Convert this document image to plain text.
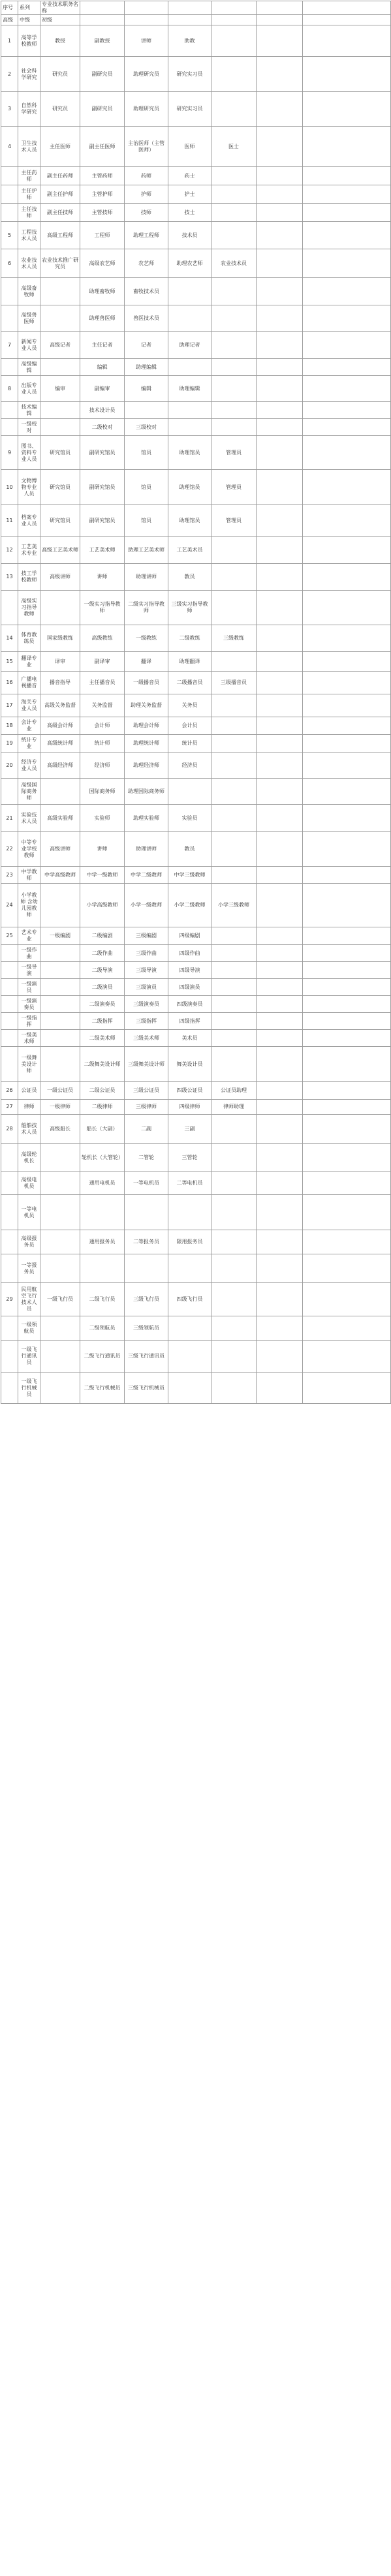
序号	系列	专业技术职务名称						
高级	中级	初级						
1	高等学校教师	教授	副教授	讲师	助教			
2	社会科学研究	研究员	副研究员	助理研究员	研究实习员			
3	自然科学研究	研究员	副研究员	助理研究员	研究实习员			
4	卫生技术人员	主任医师	副主任医师	主治医师（主管医师）	医师	医士		
	主任药师	副主任药师	主管药师	药师	药士			
	主任护师	副主任护师	主管护师	护师	护士			
	主任技师	副主任技师	主管技师	技师	技士			
5	工程技术人员	高级工程师	工程师	助理工程师	技术员			
6	农业技术人员	农业技术推广研究员	高级农艺师	农艺师	助理农艺师	农业技术员		
	高级畜牧师		助理畜牧师	畜牧技术员				
	高级兽医师		助理兽医师	兽医技术员				
7	新闻专业人员	高级记者	主任记者	记者	助理记者			
	高级编辑		编辑	助理编辑				
8	出版专业人员	编审	副编审	编辑	助理编辑			
	技术编辑		技术设计员					
	一级校对		二级校对	三级校对				
9	图书、资料专业人员	研究馆员	副研究馆员	馆员	助理馆员	管理员		
10	文物博物专业人员	研究馆员	副研究馆员	馆员	助理馆员	管理员		
11	档案专业人员	研究馆员	副研究馆员	馆员	助理馆员	管理员		
12	工艺美术专业	高级工艺美术师	工艺美术师	助理工艺美术师	工艺美术员			
13	技工学校教师	高级讲师	讲师	助理讲师	教员			
	高级实习指导教师		一级实习指导教师	二级实习指导教师	三级实习指导教师			
14	体育教练员	国家级教练	高级教练	一级教练	二级教练	三级教练		
15	翻译专业	译审	副译审	翻译	助理翻译			
16	广播电视播音	播音指导	主任播音员	一级播音员	二级播音员	三级播音员		
17	海关专业人员	高级关务监督	关务监督	助理关务监督	关务员			
18	会计专业	高级会计师	会计师	助理会计师	会计员			
19	统计专业	高级统计师	统计师	助理统计师	统计员			
20	经济专业人员	高级经济师	经济师	助理经济师	经济员			
	高级国际商务师		国际商务师	助理国际商务师				
21	实验技术人员	高级实验师	实验师	助理实验师	实验员			
22	中等专业学校教师	高级讲师	讲师	助理讲师	教员			
23	中学教师	中学高级教师	中学一级教师	中学二级教师	中学三级教师			
24	小学教师 含幼儿园教师		小学高级教师	小学一级教师	小学二级教师	小学三级教师		
25	艺术专业	一级编剧	二级编剧	三级编剧	四级编剧			
	一级作曲		二级作曲	三级作曲	四级作曲			
	一级导演		二级导演	三级导演	四级导演			
	一级演员		二级演员	三级演员	四级演员			
	一级演奏员		二级演奏员	三级演奏员	四级演奏员			
	一级指挥		二级指挥	三级指挥	四级指挥			
	一级美术师		二级美术师	三级美术师	美术员			
	一级舞美设计师		二级舞美设计师	三级舞美设计师	舞美设计员			
26	公证员	一级公证员	二级公证员	三级公证员	四级公证员	公证员助理		
27	律师	一级律师	二级律师	三级律师	四级律师	律师助理		
28	船舶技术人员	高级船长	船长（大副）	二副	三副			
	高级轮机长		轮机长（大管轮）	二管轮	三管轮			
	高级电机员		通用电机员	一等电机员	二等电机员			
	一等电机员							
	高级报务员		通用报务员	二等报务员	限用报务员			
	一等报务员							
29	民用航空飞行技术人员	一级飞行员	二级飞行员	三级飞行员	四级飞行员			
	一级领航员		二级领航员	三级领航员				
	一级飞行通讯员		二级飞行通讯员	三级飞行通讯员				
	一级飞行机械员		二级飞行机械员	三级飞行机械员				
